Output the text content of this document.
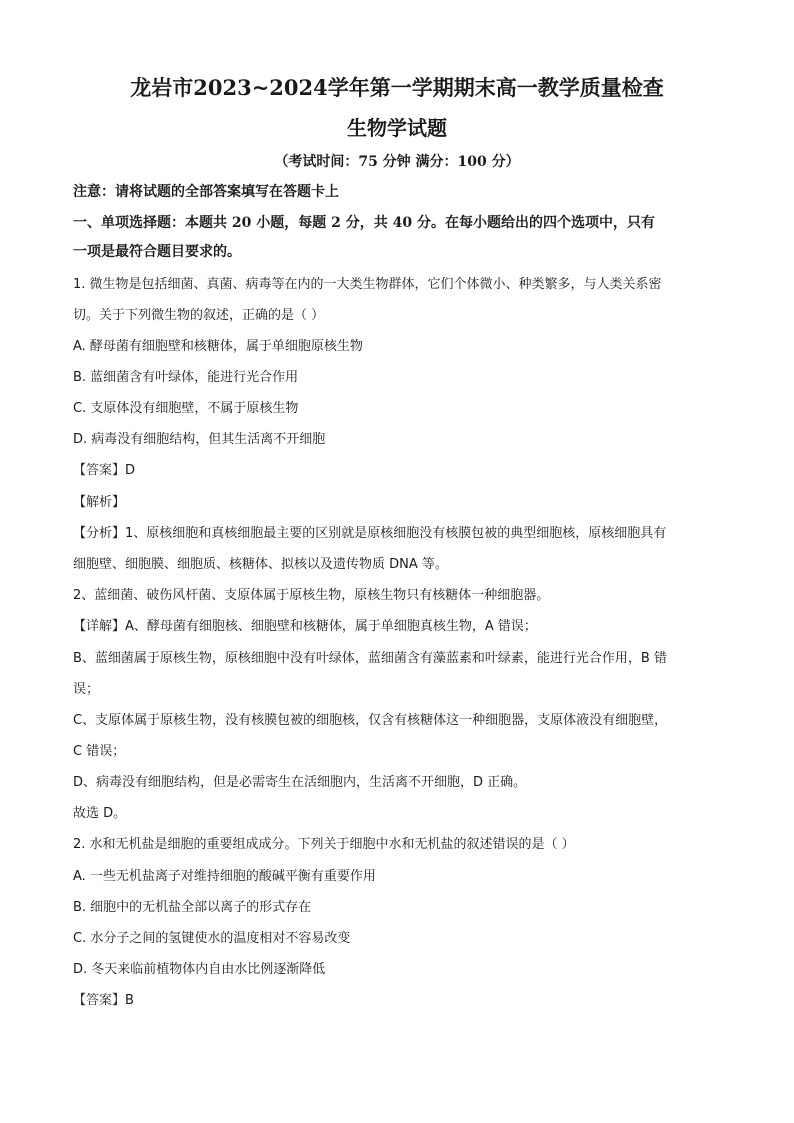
龙岩市2023~2024学年第一学期期末高一教学质量检查
生物学试题
（考试时间：75 分钟 满分：100 分）
注意：请将试题的全部答案填写在答题卡上
一、单项选择题：本题共 20 小题，每题 2 分，共 40 分。在每小题给出的四个选项中，只有
一项是最符合题目要求的。
1. 微生物是包括细菌、真菌、病毒等在内的一大类生物群体，它们个体微小、种类繁多，与人类关系密
切。关于下列微生物的叙述，正确的是（ ）
A. 酵母菌有细胞壁和核糖体，属于单细胞原核生物
B. 蓝细菌含有叶绿体，能进行光合作用
C. 支原体没有细胞壁，不属于原核生物
D. 病毒没有细胞结构，但其生活离不开细胞
【答案】D
【解析】
【分析】1、原核细胞和真核细胞最主要的区别就是原核细胞没有核膜包被的典型细胞核，原核细胞具有
细胞壁、细胞膜、细胞质、核糖体、拟核以及遗传物质 DNA 等。
2、蓝细菌、破伤风杆菌、支原体属于原核生物，原核生物只有核糖体一种细胞器。
【详解】A、酵母菌有细胞核、细胞壁和核糖体，属于单细胞真核生物，A 错误；
B、蓝细菌属于原核生物，原核细胞中没有叶绿体，蓝细菌含有藻蓝素和叶绿素，能进行光合作用，B 错
误；
C、支原体属于原核生物，没有核膜包被的细胞核，仅含有核糖体这一种细胞器，支原体液没有细胞壁，
C 错误；
D、病毒没有细胞结构，但是必需寄生在活细胞内，生活离不开细胞，D 正确。
故选 D。
2. 水和无机盐是细胞的重要组成成分。下列关于细胞中水和无机盐的叙述错误的是（ ）
A. 一些无机盐离子对维持细胞的酸碱平衡有重要作用
B. 细胞中的无机盐全部以离子的形式存在
C. 水分子之间的氢键使水的温度相对不容易改变
D. 冬天来临前植物体内自由水比例逐渐降低
【答案】B
